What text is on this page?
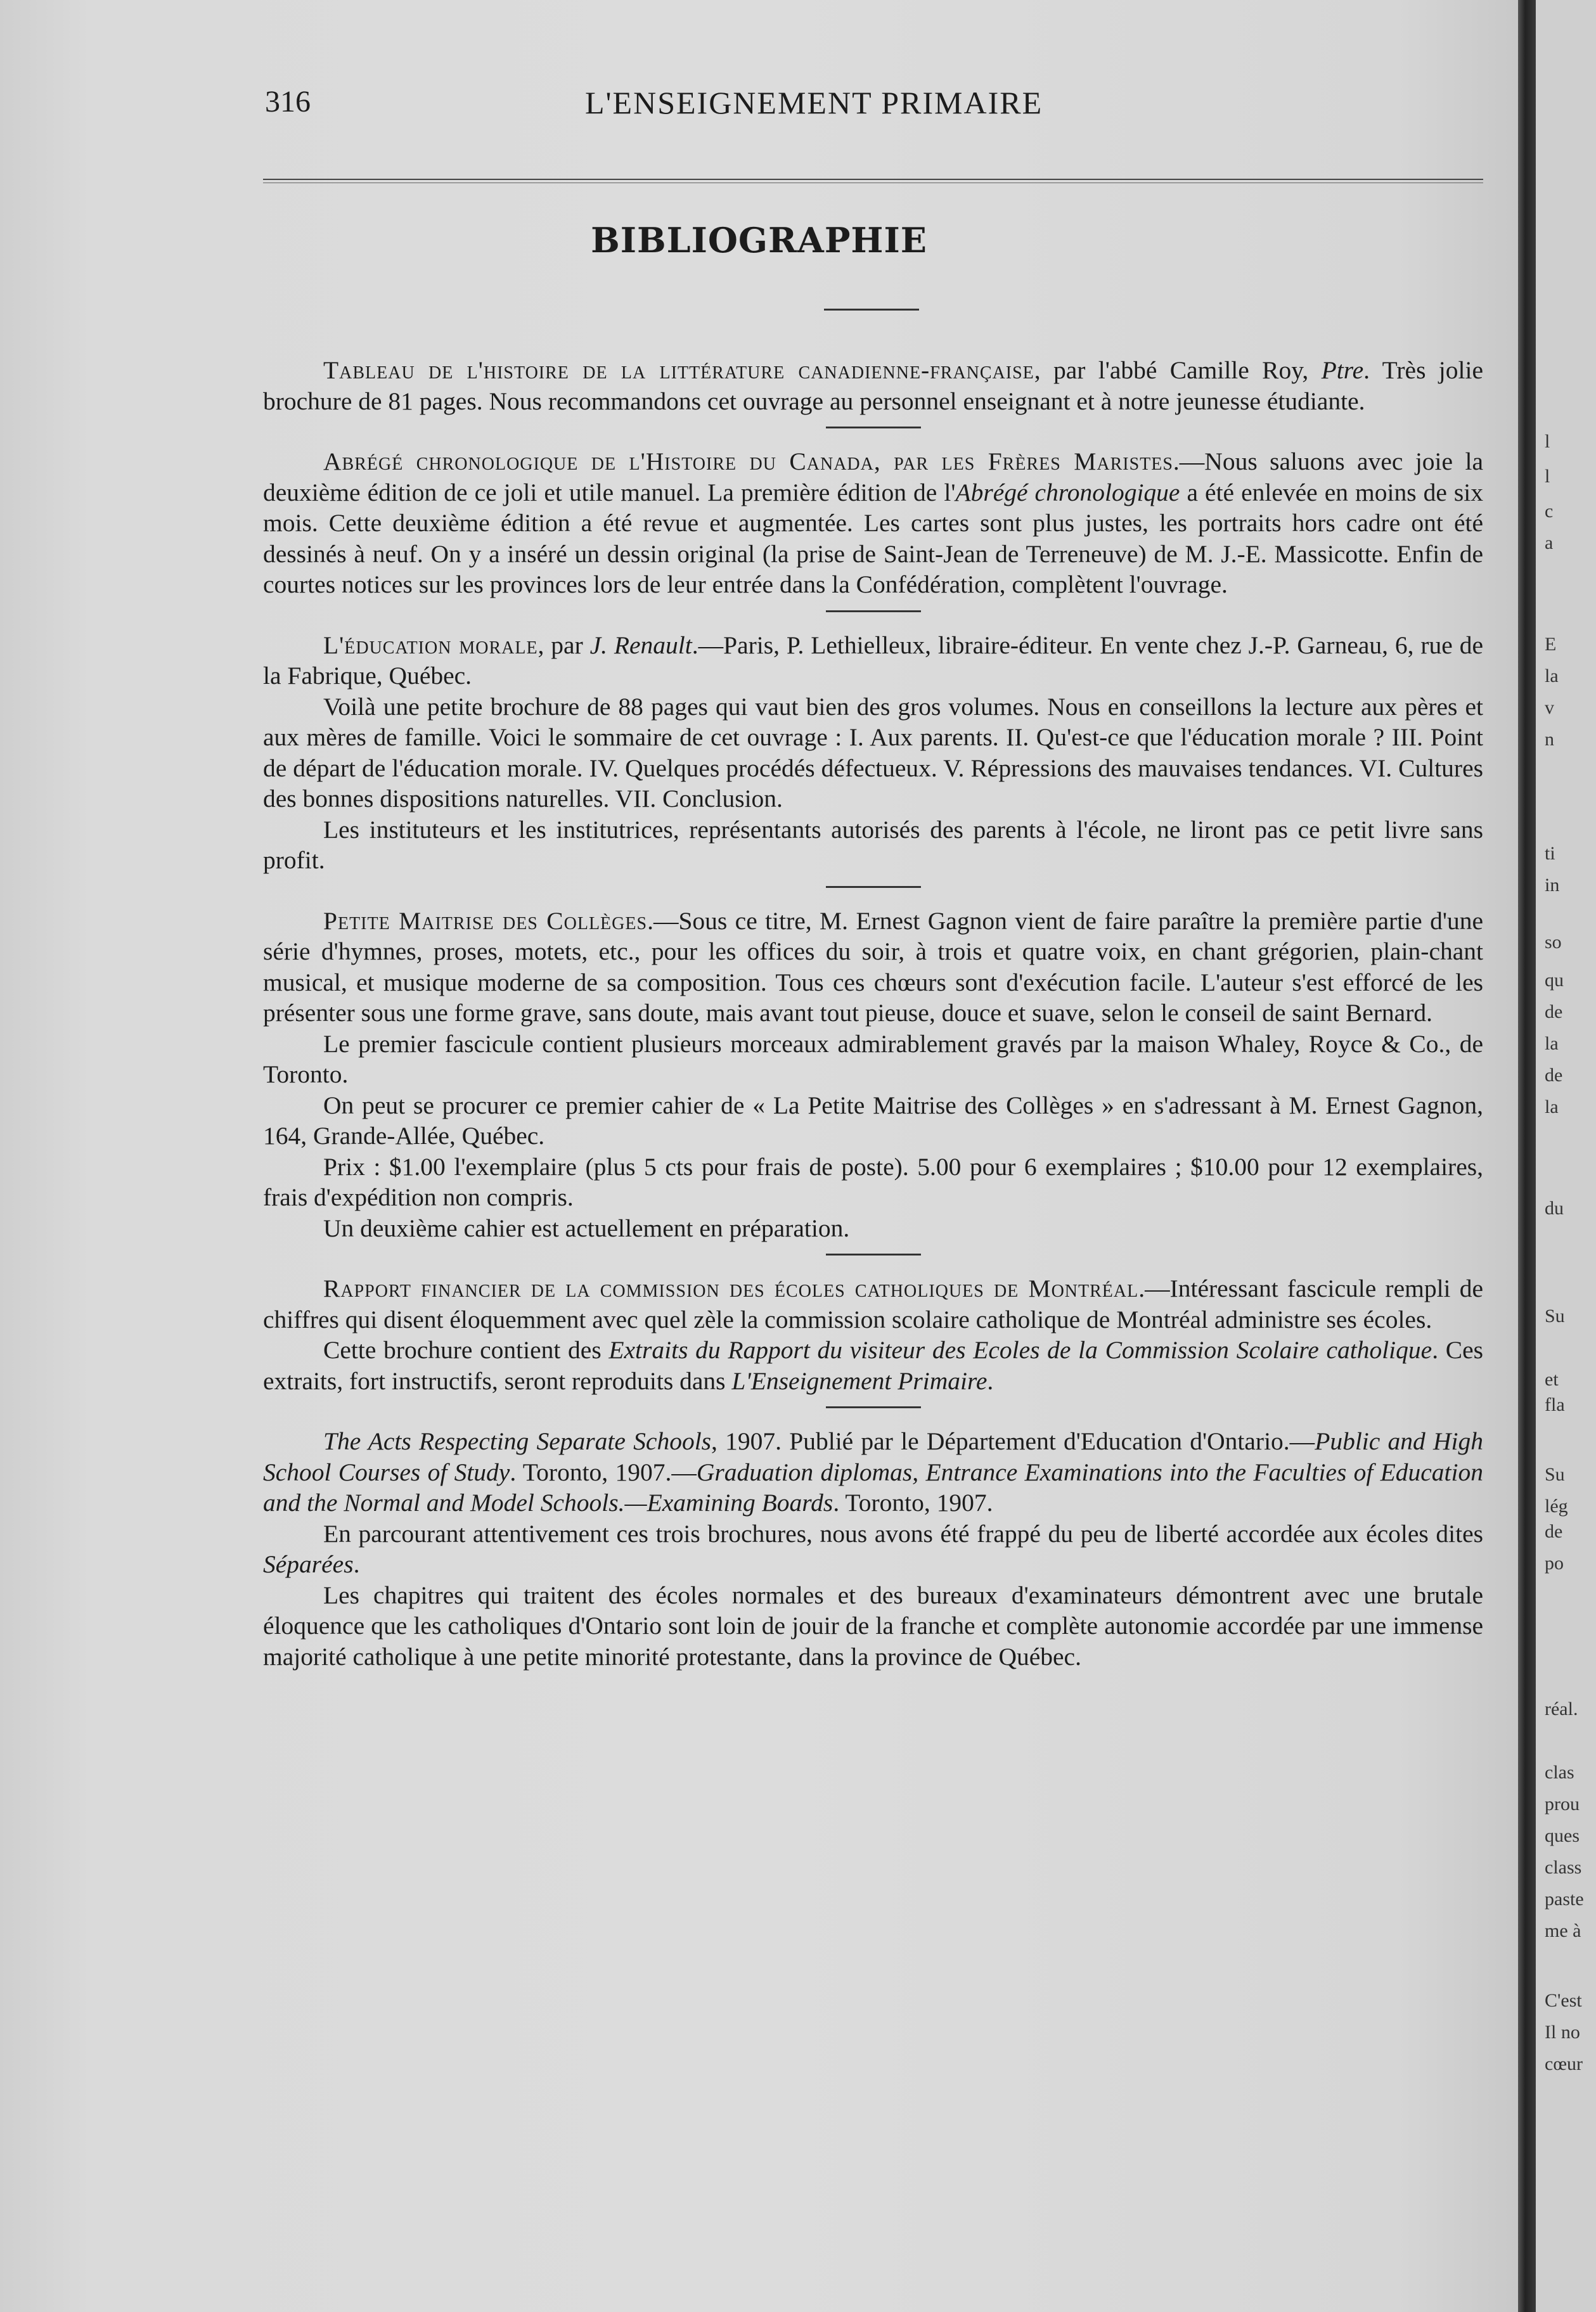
316	L'ENSEIGNEMENT PRIMAIRE
BIBLIOGRAPHIE

Tableau de l'histoire de la littérature canadienne-française, par l'abbé Camille Roy, Ptre. Très jolie brochure de 81 pages. Nous recommandons cet ouvrage au personnel enseignant et à notre jeunesse étudiante.

Abrégé chronologique de l'Histoire du Canada, par les Frères Maristes.—Nous saluons avec joie la deuxième édition de ce joli et utile manuel. La première édition de l'Abrégé chronologique a été enlevée en moins de six mois. Cette deuxième édition a été revue et augmentée. Les cartes sont plus justes, les portraits hors cadre ont été dessinés à neuf. On y a inséré un dessin original (la prise de Saint-Jean de Terreneuve) de M. J.-E. Massicotte. Enfin de courtes notices sur les provinces lors de leur entrée dans la Confédération, complètent l'ouvrage.

L'éducation morale, par J. Renault.—Paris, P. Lethielleux, libraire-éditeur. En vente chez J.-P. Garneau, 6, rue de la Fabrique, Québec.

Voilà une petite brochure de 88 pages qui vaut bien des gros volumes. Nous en conseillons la lecture aux pères et aux mères de famille. Voici le sommaire de cet ouvrage : I. Aux parents. II. Qu'est-ce que l'éducation morale ? III. Point de départ de l'éducation morale. IV. Quelques procédés défectueux. V. Répressions des mauvaises tendances. VI. Cultures des bonnes dispositions naturelles. VII. Conclusion.

Les instituteurs et les institutrices, représentants autorisés des parents à l'école, ne liront pas ce petit livre sans profit.

Petite Maitrise des Collèges.—Sous ce titre, M. Ernest Gagnon vient de faire paraître la première partie d'une série d'hymnes, proses, motets, etc., pour les offices du soir, à trois et quatre voix, en chant grégorien, plain-chant musical, et musique moderne de sa composition. Tous ces chœurs sont d'exécution facile. L'auteur s'est efforcé de les présenter sous une forme grave, sans doute, mais avant tout pieuse, douce et suave, selon le conseil de saint Bernard.

Le premier fascicule contient plusieurs morceaux admirablement gravés par la maison Whaley, Royce & Co., de Toronto.

On peut se procurer ce premier cahier de « La Petite Maitrise des Collèges » en s'adressant à M. Ernest Gagnon, 164, Grande-Allée, Québec.

Prix : $1.00 l'exemplaire (plus 5 cts pour frais de poste). 5.00 pour 6 exemplaires ; $10.00 pour 12 exemplaires, frais d'expédition non compris.

Un deuxième cahier est actuellement en préparation.

Rapport financier de la commission des écoles catholiques de Montréal.—Intéressant fascicule rempli de chiffres qui disent éloquemment avec quel zèle la commission scolaire catholique de Montréal administre ses écoles.

Cette brochure contient des Extraits du Rapport du visiteur des Ecoles de la Commission Scolaire catholique. Ces extraits, fort instructifs, seront reproduits dans L'Enseignement Primaire.

The Acts Respecting Separate Schools, 1907. Publié par le Département d'Education d'Ontario.—Public and High School Courses of Study. Toronto, 1907.—Graduation diplomas, Entrance Examinations into the Faculties of Education and the Normal and Model Schools.—Examining Boards. Toronto, 1907.

En parcourant attentivement ces trois brochures, nous avons été frappé du peu de liberté accordée aux écoles dites Séparées.

Les chapitres qui traitent des écoles normales et des bureaux d'examinateurs démontrent avec une brutale éloquence que les catholiques d'Ontario sont loin de jouir de la franche et complète autonomie accordée par une immense majorité catholique à une petite minorité protestante, dans la province de Québec.

l
l
c
a
E
la
v
n
ti
in
so
qu
de
la
de
la
du
Su
et
fla
Su
lég
de
po
réal.
clas
prou
ques
class
paste
me à
C'est
Il no
cœur
